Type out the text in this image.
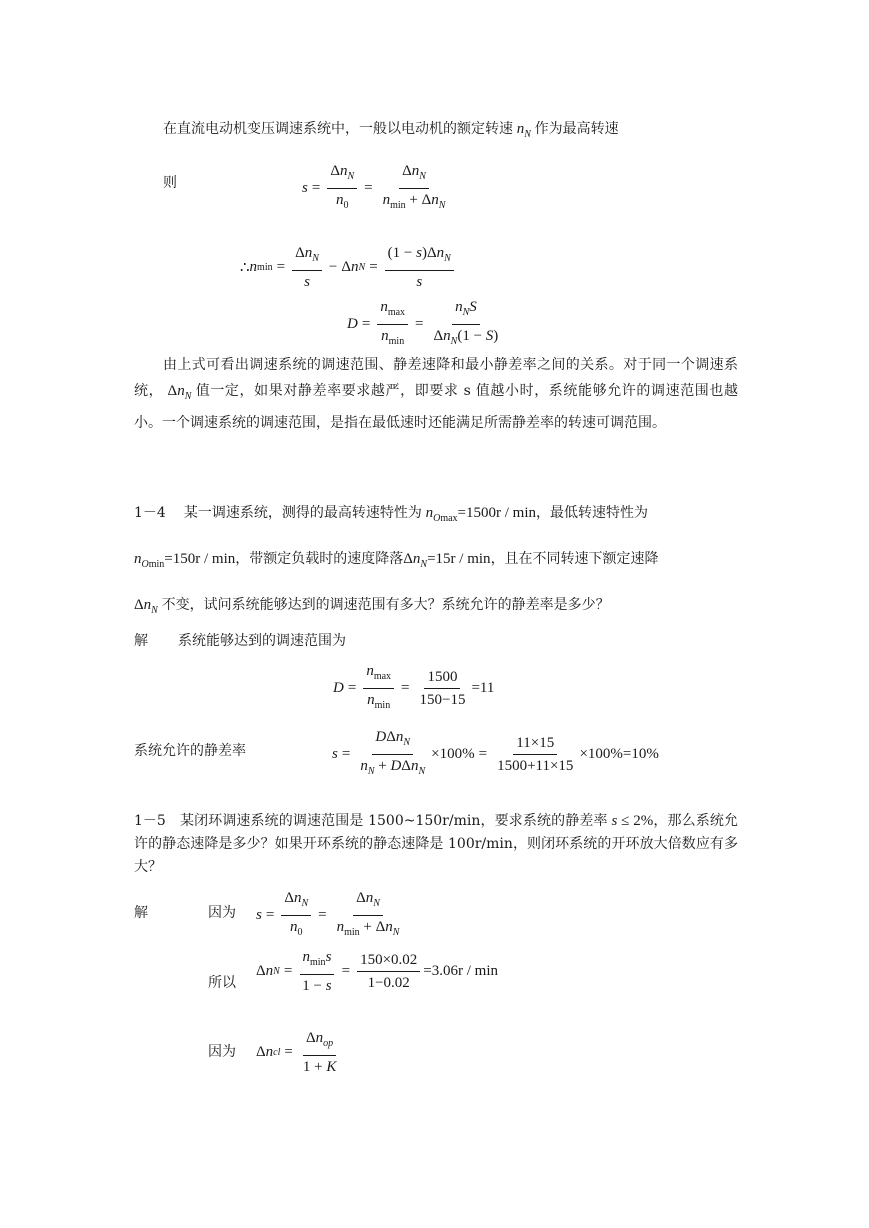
在直流电动机变压调速系统中，一般以电动机的额定转速 $n_N$ 作为最高转速
则	$s = \frac{\Delta n_N}{n_0} = \frac{\Delta n_N}{n_{min} + \Delta n_N}$
∴ n $\min = \frac{\Delta n_N}{s} - \Delta$ n $N = \frac{(1 - s)\Delta n_N}{s}$
$D = \frac{n_{max}}{n_{min}} = \frac{n_NS}{\Delta n_N(1 - S)}$
由上式可看出调速系统的调速范围、静差速降和最小静差率之间的关系。对于同一个调速系统， $\Delta n_N$ 值一定，如果对静差率要求越严，即要求 s 值越小时，系统能够允许的调速范围也越小。一个调速系统的调速范围，是指在最低速时还能满足所需静差率的转速可调范围。
1－4 某一调速系统，测得的最高转速特性为 $n_{Omax}=1500r / \min$，最低转速特性为
$n_{Omin}=150r / \min$，带额定负载时的速度降落$\Delta n_N=15r / \min$，且在不同转速下额定速降
$\Delta n_N$ 不变，试问系统能够达到的调速范围有多大？系统允许的静差率是多少？
解 系统能够达到的调速范围为
$D = \frac{n_{max}}{n_{min}} = \frac{1500}{150-15} =11$
系统允许的静差率	$s = \frac{D\Delta n_N}{n_N + D\Delta n_N} \times 100\% = \frac{11\times 15}{1500+11\times 15} \times 100\% =10\%$
1－5 某闭环调速系统的调速范围是 1500~150r/min，要求系统的静差率 s ≤ 2%，那么系统允许的静态速降是多少？如果开环系统的静态速降是 100r/min，则闭环系统的开环放大倍数应有多大？
解	因为 $s = \frac{\Delta n_N}{n_0} = \frac{\Delta n_N}{n_{min} + \Delta n_N}$
所以
Δ n $N = \frac{n_{min}s}{1 - s} = \frac{150\times 0.02}{1-0.02} =3.06r / \min$
因为 Δ n cl = $\frac{\Delta n_{op}}{1 + K}$
